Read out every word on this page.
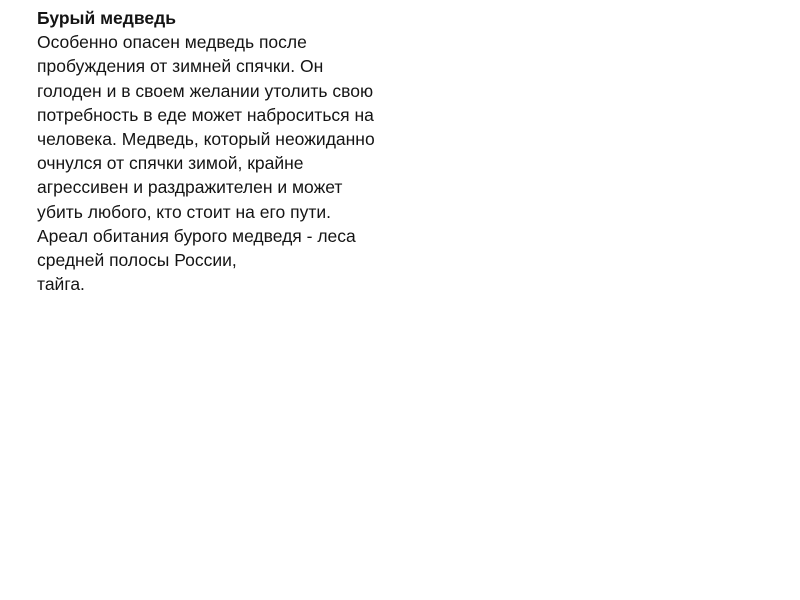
Бурый медведь
Особенно опасен медведь после
пробуждения от зимней спячки. Он
голоден и в своем желании утолить свою
потребность в еде может наброситься на
человека. Медведь, который неожиданно
очнулся от спячки зимой, крайне
агрессивен и раздражителен и может
убить любого, кто стоит на его пути.
Ареал обитания бурого медведя - леса
средней полосы России,
тайга.
